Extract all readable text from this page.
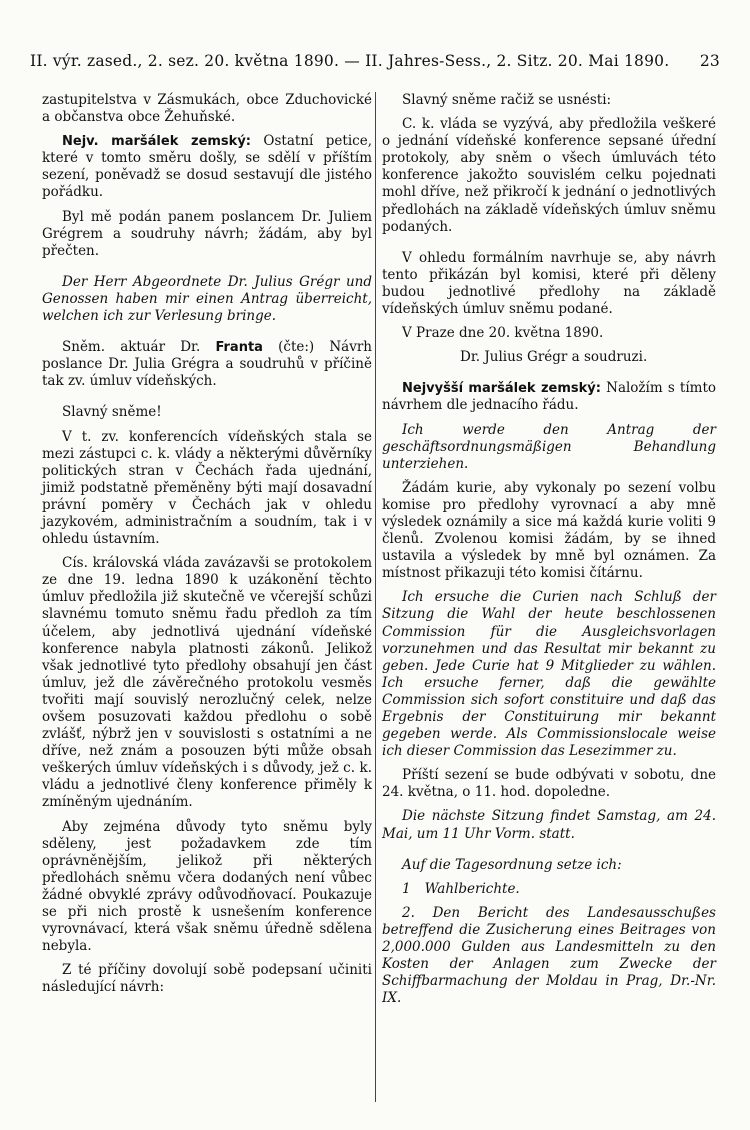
II. výr. zased., 2. sez. 20. května 1890. — II. Jahres-Sess., 2. Sitz. 20. Mai 1890. 23

zastupitelstva v Zásmukách, obce Zduchovické a občanstva obce Žehuňské.

Nejv. maršálek zemský: Ostatní petice, které v tomto směru došly, se sdělí v příštím sezení, poněvadž se dosud sestavují dle jistého pořádku.

Byl mě podán panem poslancem Dr. Juliem Grégrem a soudruhy návrh; žádám, aby byl přečten.

Der Herr Abgeordnete Dr. Julius Grégr und Genossen haben mir einen Antrag überreicht, welchen ich zur Verlesung bringe.

Sněm. aktuár Dr. Franta (čte:) Návrh poslance Dr. Julia Grégra a soudruhů v příčině tak zv. úmluv vídeňských.

Slavný sněme!

V t. zv. konferencích vídeňských stala se mezi zástupci c. k. vlády a některými důvěrníky politických stran v Čechách řada ujednání, jimiž podstatně přeměněny býti mají dosavadní právní poměry v Čechách jak v ohledu jazykovém, administračním a soudním, tak i v ohledu ústavním.

Cís. královská vláda zavázavši se protokolem ze dne 19. ledna 1890 k uzákonění těchto úmluv předložila již skutečně ve včerejší schůzi slavnému tomuto sněmu řadu předloh za tím účelem, aby jednotlivá ujednání vídeňské konference nabyla platnosti zákonů. Jelikož však jednotlivé tyto předlohy obsahují jen část úmluv, jež dle závěrečného protokolu vesměs tvořiti mají souvislý nerozlučný celek, nelze ovšem posuzovati každou předlohu o sobě zvlášť, nýbrž jen v souvislosti s ostatními a ne dříve, než znám a posouzen býti může obsah veškerých úmluv vídeňských i s důvody, jež c. k. vládu a jednotlivé členy konference přiměly k zmíněným ujednáním.

Aby zejména důvody tyto sněmu byly sděleny, jest požadavkem zde tím oprávněnějším, jelikož při některých předlohách sněmu včera dodaných není vůbec žádné obvyklé zprávy odůvodňovací. Poukazuje se při nich prostě k usnešením konference vyrovnávací, která však sněmu úředně sdělena nebyla.

Z té příčiny dovolují sobě podepsaní učiniti následující návrh:

Slavný sněme račiž se usnésti:

C. k. vláda se vyzývá, aby předložila veškeré o jednání vídeňské konference sepsané úřední protokoly, aby sněm o všech úmluvách této konference jakožto souvislém celku pojednati mohl dříve, než přikročí k jednání o jednotlivých předlohách na základě vídeňských úmluv sněmu podaných.

V ohledu formálním navrhuje se, aby návrh tento přikázán byl komisi, které při děleny budou jednotlivé předlohy na základě vídeňských úmluv sněmu podané.

V Praze dne 20. května 1890.

Dr. Julius Grégr a soudruzi.

Nejvyšší maršálek zemský: Naložím s tímto návrhem dle jednacího řádu.

Ich werde den Antrag der geschäftsordnungsmäßigen Behandlung unterziehen.

Žádám kurie, aby vykonaly po sezení volbu komise pro předlohy vyrovnací a aby mně výsledek oznámily a sice má každá kurie voliti 9 členů. Zvolenou komisi žádám, by se ihned ustavila a výsledek by mně byl oznámen. Za místnost přikazuji této komisi čítárnu.

Ich ersuche die Curien nach Schluß der Sitzung die Wahl der heute beschlossenen Commission für die Ausgleichsvorlagen vorzunehmen und das Resultat mir bekannt zu geben. Jede Curie hat 9 Mitglieder zu wählen. Ich ersuche ferner, daß die gewählte Commission sich sofort constituire und daß das Ergebnis der Constituirung mir bekannt gegeben werde. Als Commissionslocale weise ich dieser Commission das Lesezimmer zu.

Příští sezení se bude odbývati v sobotu, dne 24. května, o 11. hod. dopoledne.

Die nächste Sitzung findet Samstag, am 24. Mai, um 11 Uhr Vorm. statt.

Auf die Tagesordnung setze ich:

1 Wahlberichte.

2. Den Bericht des Landesausschußes betreffend die Zusicherung eines Beitrages von 2,000.000 Gulden aus Landesmitteln zu den Kosten der Anlagen zum Zwecke der Schiffbarmachung der Moldau in Prag, Dr.-Nr. IX.
